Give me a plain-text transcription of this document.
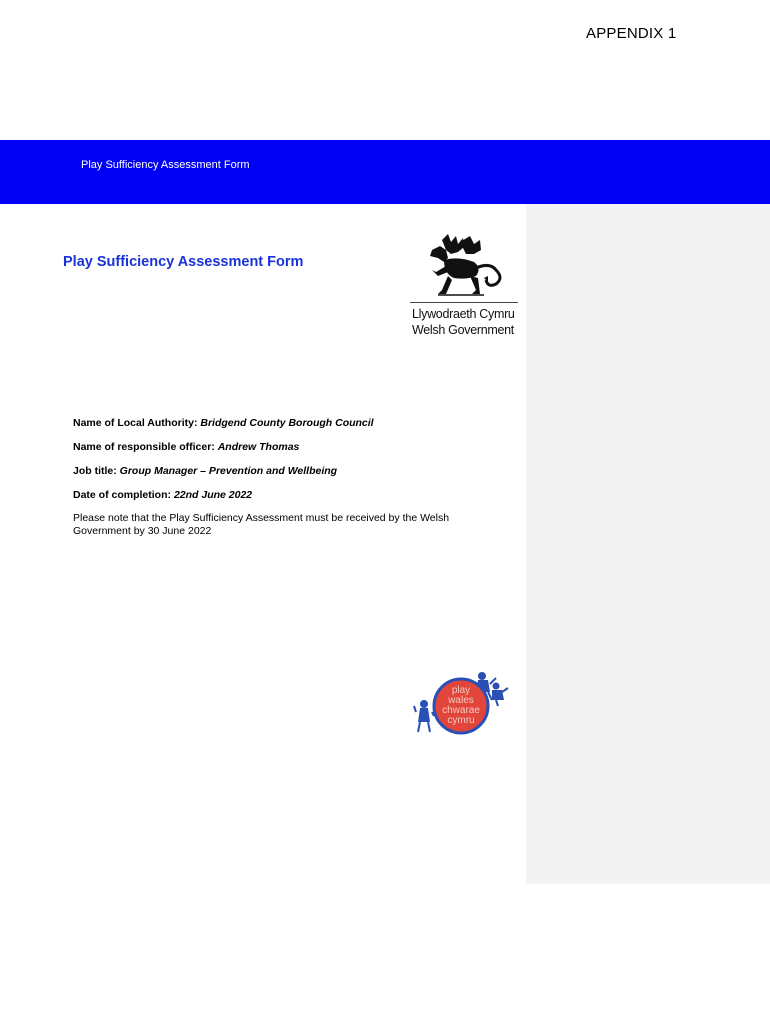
APPENDIX 1
Play Sufficiency Assessment Form
Play Sufficiency Assessment Form
Llywodraeth Cymru
Welsh Government
Name of Local Authority: Bridgend County Borough Council
Name of responsible officer: Andrew Thomas
Job title: Group Manager – Prevention and Wellbeing
Date of completion: 22nd June 2022
Please note that the Play Sufficiency Assessment must be received by the Welsh Government by 30 June 2022
play
wales
chwarae
cymru
